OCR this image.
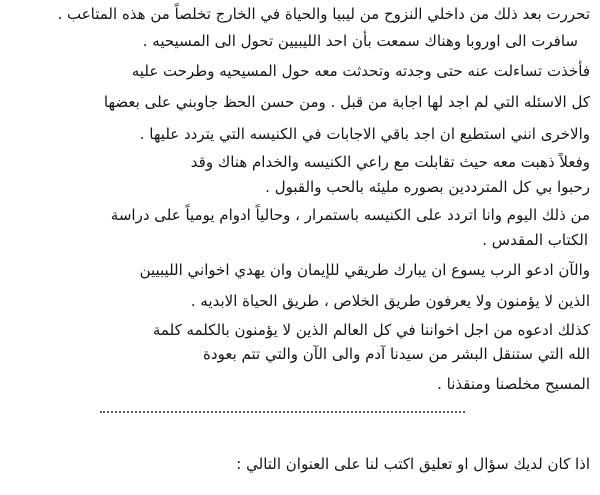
تحررت بعد ذلك من داخلي النزوح من ليبيا والحياة في الخارج تخلصاً من هذه المتاعب .
سافرت الى اوروبا وهناك سمعت بأن احد الليبيين تحول الى المسيحيه .
فأخذت تساءلت عنه حتى وجدته وتحدثت معه حول المسيحيه وطرحت عليه
كل الاسئله التي لم اجد لها اجابة من قبل . ومن حسن الحظ جاوبني على بعضها
والاخرى انني استطيع ان اجد باقي الاجابات في الكنيسه التي يتردد عليها .
وفعلاً ذهبت معه حيث تقابلت مع راعي الكنيسه والخدام هناك وقد
رحبوا بي كل المترددين بصوره مليئه بالحب والقبول .
من ذلك اليوم وانا اتردد على الكنيسه باستمرار ، وحالياً ادوام يومياً على دراسة
الكتاب المقدس .
والآن ادعو الرب يسوع ان يبارك طريقي للإيمان وان يهدي اخواني الليبيين
الذين لا يؤمنون ولا يعرفون طريق الخلاص ، طريق الحياة الابديه .
كذلك ادعوه من اجل اخواننا في كل العالم الذين لا يؤمنون بالكلمه كلمة
الله التي ستنقل البشر من سيدنا آدم والى الآن والتي تتم بعودة
المسيح مخلصنا ومنقذنا .
اذا كان لديك سؤال او تعليق اكتب لنا على العنوان التالي :
